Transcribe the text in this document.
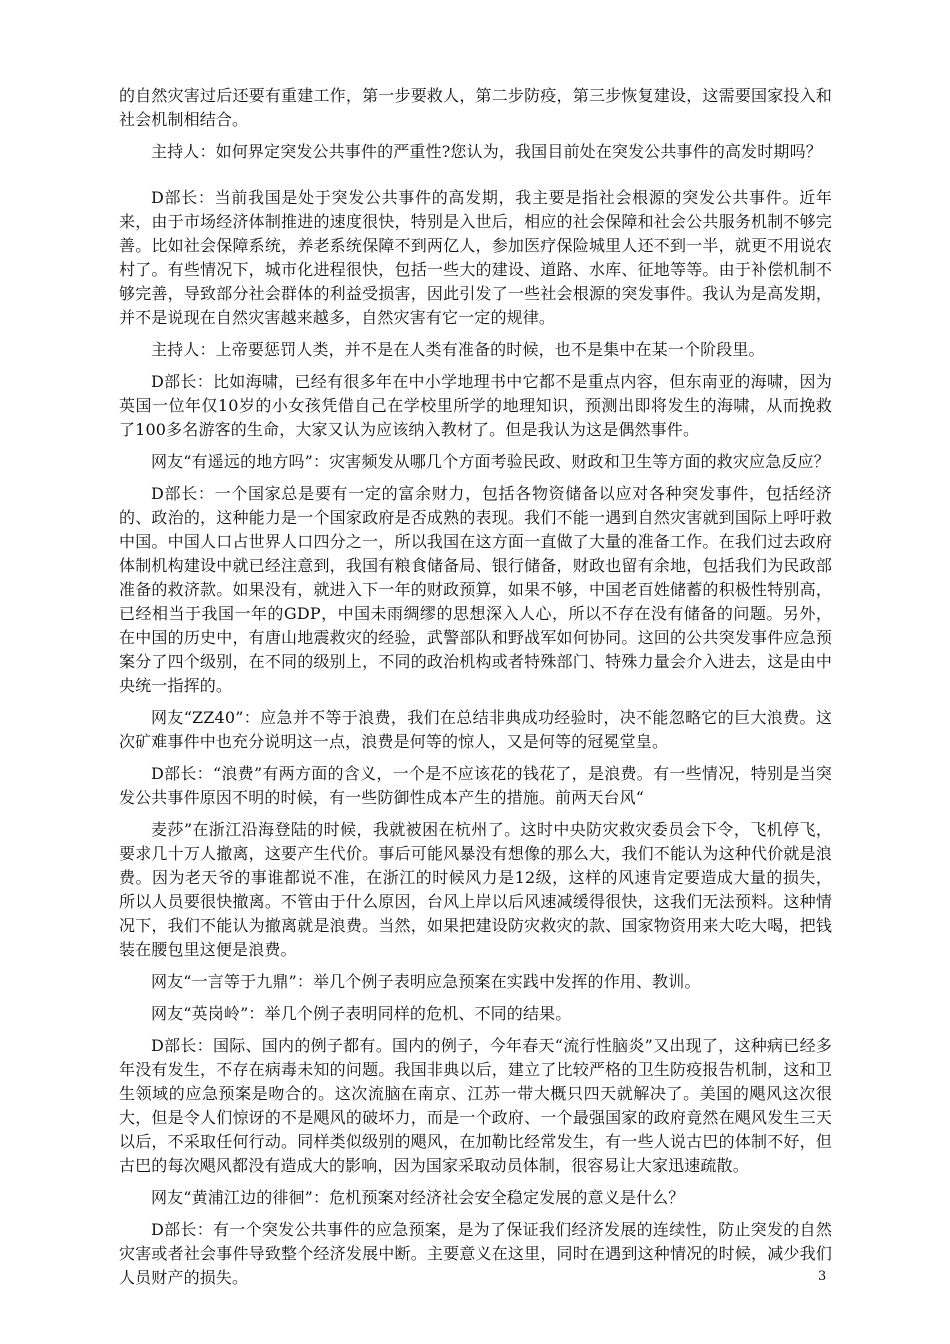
的自然灾害过后还要有重建工作，第一步要救人，第二步防疫，第三步恢复建设，这需要国家投入和社会机制相结合。

主持人：如何界定突发公共事件的严重性?您认为，我国目前处在突发公共事件的高发时期吗？

D部长：当前我国是处于突发公共事件的高发期，我主要是指社会根源的突发公共事件。近年来，由于市场经济体制推进的速度很快，特别是入世后，相应的社会保障和社会公共服务机制不够完善。比如社会保障系统，养老系统保障不到两亿人，参加医疗保险城里人还不到一半，就更不用说农村了。有些情况下，城市化进程很快，包括一些大的建设、道路、水库、征地等等。由于补偿机制不够完善，导致部分社会群体的利益受损害，因此引发了一些社会根源的突发事件。我认为是高发期，并不是说现在自然灾害越来越多，自然灾害有它一定的规律。

主持人：上帝要惩罚人类，并不是在人类有准备的时候，也不是集中在某一个阶段里。

D部长：比如海啸，已经有很多年在中小学地理书中它都不是重点内容，但东南亚的海啸，因为英国一位年仅10岁的小女孩凭借自己在学校里所学的地理知识，预测出即将发生的海啸，从而挽救了100多名游客的生命，大家又认为应该纳入教材了。但是我认为这是偶然事件。

网友“有遥远的地方吗”：灾害频发从哪几个方面考验民政、财政和卫生等方面的救灾应急反应？

D部长：一个国家总是要有一定的富余财力，包括各物资储备以应对各种突发事件，包括经济的、政治的，这种能力是一个国家政府是否成熟的表现。我们不能一遇到自然灾害就到国际上呼吁救中国。中国人口占世界人口四分之一，所以我国在这方面一直做了大量的准备工作。在我们过去政府体制机构建设中就已经注意到，我国有粮食储备局、银行储备，财政也留有余地，包括我们为民政部准备的救济款。如果没有，就进入下一年的财政预算，如果不够，中国老百姓储蓄的积极性特别高，已经相当于我国一年的GDP，中国未雨绸缪的思想深入人心，所以不存在没有储备的问题。另外，在中国的历史中，有唐山地震救灾的经验，武警部队和野战军如何协同。这回的公共突发事件应急预案分了四个级别，在不同的级别上，不同的政治机构或者特殊部门、特殊力量会介入进去，这是由中央统一指挥的。

网友“ZZ40”：应急并不等于浪费，我们在总结非典成功经验时，决不能忽略它的巨大浪费。这次矿难事件中也充分说明这一点，浪费是何等的惊人，又是何等的冠冕堂皇。

D部长：“浪费”有两方面的含义，一个是不应该花的钱花了，是浪费。有一些情况，特别是当突发公共事件原因不明的时候，有一些防御性成本产生的措施。前两天台风“

麦莎”在浙江沿海登陆的时候，我就被困在杭州了。这时中央防灾救灾委员会下令，飞机停飞，要求几十万人撤离，这要产生代价。事后可能风暴没有想像的那么大，我们不能认为这种代价就是浪费。因为老天爷的事谁都说不准，在浙江的时候风力是12级，这样的风速肯定要造成大量的损失，所以人员要很快撤离。不管由于什么原因，台风上岸以后风速减缓得很快，这我们无法预料。这种情况下，我们不能认为撤离就是浪费。当然，如果把建设防灾救灾的款、国家物资用来大吃大喝，把钱装在腰包里这便是浪费。

网友“一言等于九鼎”：举几个例子表明应急预案在实践中发挥的作用、教训。

网友“英岗岭”：举几个例子表明同样的危机、不同的结果。

D部长：国际、国内的例子都有。国内的例子，今年春天“流行性脑炎”又出现了，这种病已经多年没有发生，不存在病毒未知的问题。我国非典以后，建立了比较严格的卫生防疫报告机制，这和卫生领域的应急预案是吻合的。这次流脑在南京、江苏一带大概只四天就解决了。美国的飓风这次很大，但是令人们惊讶的不是飓风的破坏力，而是一个政府、一个最强国家的政府竟然在飓风发生三天以后，不采取任何行动。同样类似级别的飓风，在加勒比经常发生，有一些人说古巴的体制不好，但古巴的每次飓风都没有造成大的影响，因为国家采取动员体制，很容易让大家迅速疏散。

网友“黄浦江边的徘徊”：危机预案对经济社会安全稳定发展的意义是什么？

D部长：有一个突发公共事件的应急预案，是为了保证我们经济发展的连续性，防止突发的自然灾害或者社会事件导致整个经济发展中断。主要意义在这里，同时在遇到这种情况的时候，减少我们人员财产的损失。	3
